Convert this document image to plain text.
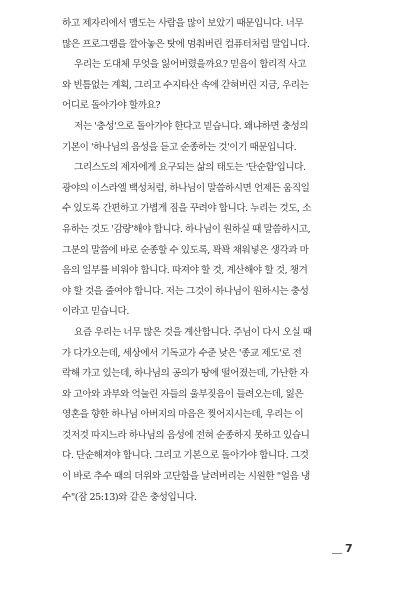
하고 제자리에서 맴도는 사람을 많이 보았기 때문입니다. 너무
많은 프로그램을 깔아놓은 탓에 멈춰버린 컴퓨터처럼 말입니다.
우리는 도대체 무엇을 잃어버렸을까요? 믿음이 합리적 사고
와 빈틈없는 계획, 그리고 수지타산 속에 갇혀버린 지금, 우리는
어디로 돌아가야 할까요?
저는 '충성'으로 돌아가야 한다고 믿습니다. 왜냐하면 충성의
기본이 '하나님의 음성을 듣고 순종하는 것'이기 때문입니다.
그리스도의 제자에게 요구되는 삶의 태도는 '단순함'입니다.
광야의 이스라엘 백성처럼, 하나님이 말씀하시면 언제든 움직일
수 있도록 간편하고 가볍게 짐을 꾸려야 합니다. 누리는 것도, 소
유하는 것도 '감량'해야 합니다. 하나님이 원하실 때 말씀하시고,
그분의 말씀에 바로 순종할 수 있도록, 꽉꽉 채워넣은 생각과 마
음의 일부를 비워야 합니다. 따져야 할 것, 계산해야 할 것, 챙겨
야 할 것을 줄여야 합니다. 저는 그것이 하나님이 원하시는 충성
이라고 믿습니다.
요즘 우리는 너무 많은 것을 계산합니다. 주님이 다시 오실 때
가 다가오는데, 세상에서 기독교가 수준 낮은 '종교 제도'로 전
락해 가고 있는데, 하나님의 공의가 땅에 떨어졌는데, 가난한 자
와 고아와 과부와 억눌린 자들의 울부짖음이 들려오는데, 잃은
영혼을 향한 하나님 아버지의 마음은 찢어지시는데, 우리는 이
것저것 따지느라 하나님의 음성에 전혀 순종하지 못하고 있습니
다. 단순해져야 합니다. 그리고 기본으로 돌아가야 합니다. 그것
이 바로 추수 때의 더위와 고단함을 날려버리는 시원한 "얼음 냉
수"(잠 25:13)와 같은 충성입니다.
7
